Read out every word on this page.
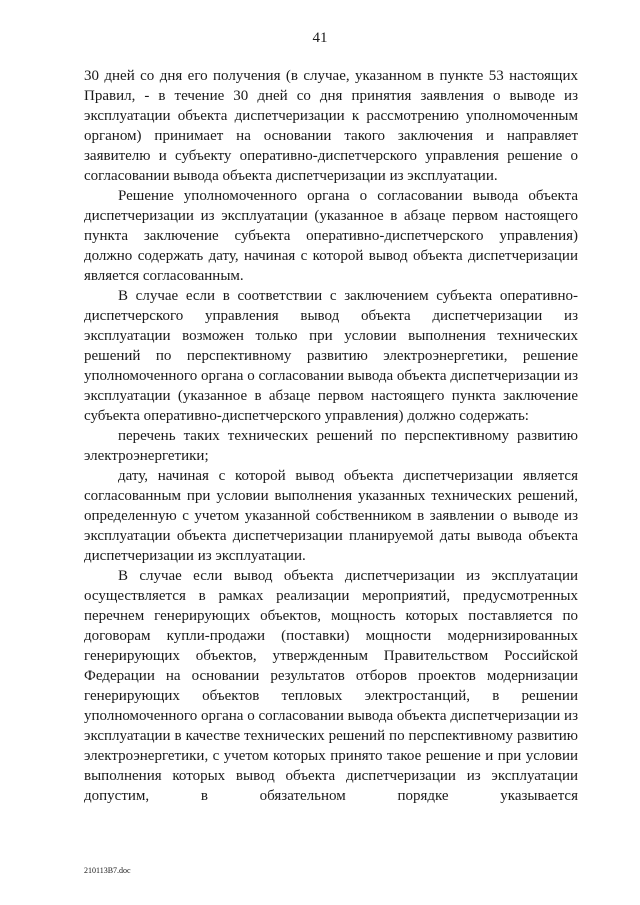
41

30 дней со дня его получения (в случае, указанном в пункте 53 настоящих Правил, - в течение 30 дней со дня принятия заявления о выводе из эксплуатации объекта диспетчеризации к рассмотрению уполномоченным органом) принимает на основании такого заключения и направляет заявителю и субъекту оперативно-диспетчерского управления решение о согласовании вывода объекта диспетчеризации из эксплуатации.

Решение уполномоченного органа о согласовании вывода объекта диспетчеризации из эксплуатации (указанное в абзаце первом настоящего пункта заключение субъекта оперативно-диспетчерского управления) должно содержать дату, начиная с которой вывод объекта диспетчеризации является согласованным.

В случае если в соответствии с заключением субъекта оперативно-диспетчерского управления вывод объекта диспетчеризации из эксплуатации возможен только при условии выполнения технических решений по перспективному развитию электроэнергетики, решение уполномоченного органа о согласовании вывода объекта диспетчеризации из эксплуатации (указанное в абзаце первом настоящего пункта заключение субъекта оперативно-диспетчерского управления) должно содержать:

перечень таких технических решений по перспективному развитию электроэнергетики;

дату, начиная с которой вывод объекта диспетчеризации является согласованным при условии выполнения указанных технических решений, определенную с учетом указанной собственником в заявлении о выводе из эксплуатации объекта диспетчеризации планируемой даты вывода объекта диспетчеризации из эксплуатации.

В случае если вывод объекта диспетчеризации из эксплуатации осуществляется в рамках реализации мероприятий, предусмотренных перечнем генерирующих объектов, мощность которых поставляется по договорам купли-продажи (поставки) мощности модернизированных генерирующих объектов, утвержденным Правительством Российской Федерации на основании результатов отборов проектов модернизации генерирующих объектов тепловых электростанций, в решении уполномоченного органа о согласовании вывода объекта диспетчеризации из эксплуатации в качестве технических решений по перспективному развитию электроэнергетики, с учетом которых принято такое решение и при условии выполнения которых вывод объекта диспетчеризации из эксплуатации допустим, в обязательном порядке указывается

210113B7.doc
